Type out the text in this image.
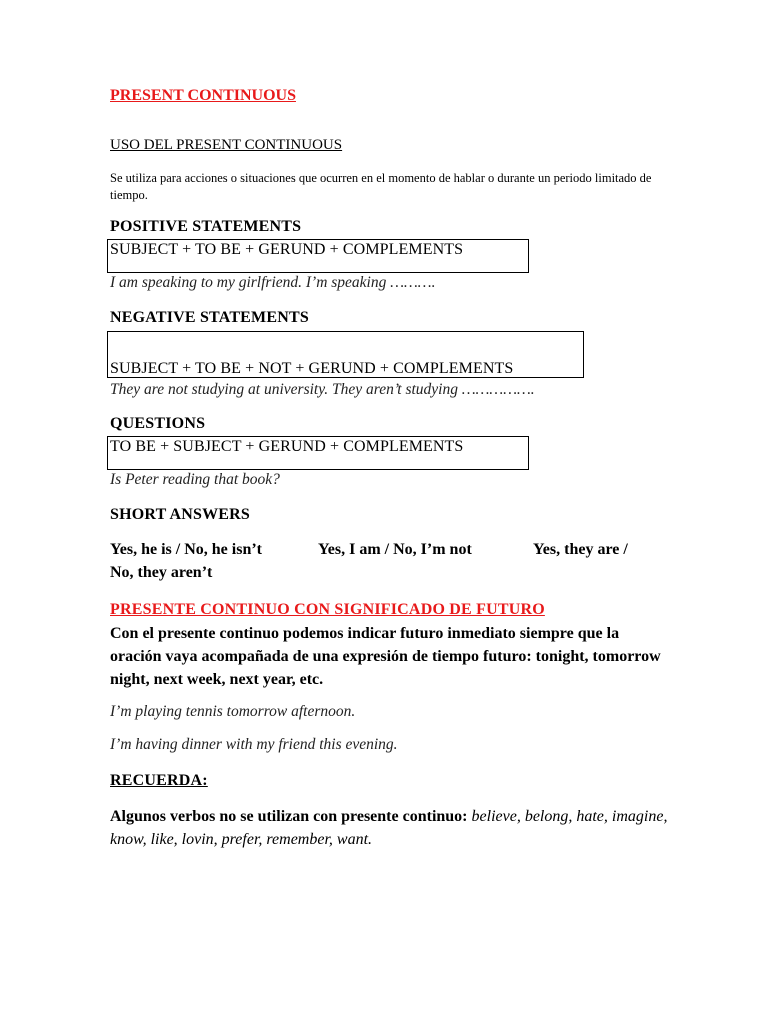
PRESENT CONTINUOUS
USO DEL PRESENT CONTINUOUS
Se utiliza para acciones o situaciones que ocurren en el momento de hablar o durante un periodo limitado de tiempo.
POSITIVE STATEMENTS
SUBJECT + TO BE + GERUND + COMPLEMENTS
I am speaking to my girlfriend. I’m speaking ……….
NEGATIVE STATEMENTS
SUBJECT + TO BE + NOT + GERUND + COMPLEMENTS
They are not studying at university. They aren’t studying …………….
QUESTIONS
TO BE + SUBJECT + GERUND + COMPLEMENTS
Is Peter reading that book?
SHORT ANSWERS
Yes, he is / No, he isn’t	Yes, I am / No, I’m not	Yes, they are /
No, they aren’t
PRESENTE CONTINUO CON SIGNIFICADO DE FUTURO
Con el presente continuo podemos indicar futuro inmediato siempre que la oración vaya acompañada de una expresión de tiempo futuro: tonight, tomorrow night, next week, next year, etc.
I’m playing tennis tomorrow afternoon.
I’m having dinner with my friend this evening.
RECUERDA:
Algunos verbos no se utilizan con presente continuo: believe, belong, hate, imagine, know, like, lovin, prefer, remember, want.
